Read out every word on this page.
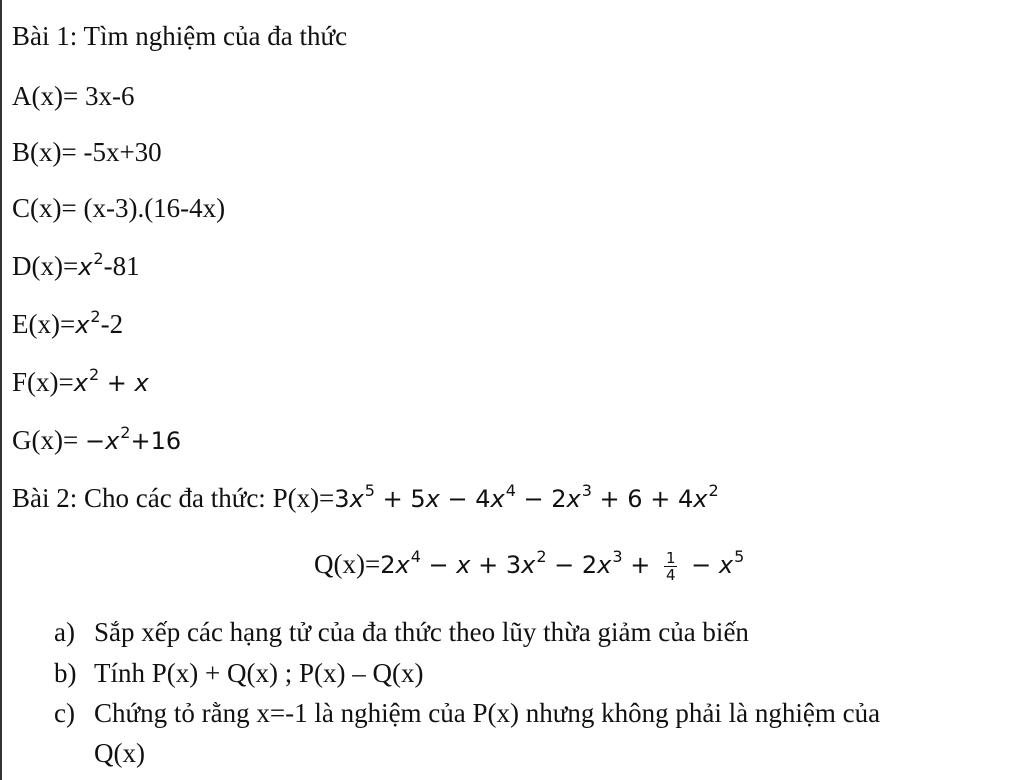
Bài 1: Tìm nghiệm của đa thức
A(x)= 3x-6
B(x)= -5x+30
C(x)= (x-3).(16-4x)
$D(x)=x^2-81$
$E(x)=x^2-2$
$F(x)=x^2 + x$
$G(x)= -x^2+16$
Bài 2: Cho các đa thức: $P(x)=3x^5 + 5x - 4x^4 - 2x^3 + 6 + 4x^2$
$Q(x)=2x^4 - x + 3x^2 - 2x^3 + \frac{1}{4} - x^5$
a) Sắp xếp các hạng tử của đa thức theo lũy thừa giảm của biến
b) Tính P(x) + Q(x) ; P(x) – Q(x)
c) Chứng tỏ rằng x=-1 là nghiệm của P(x) nhưng không phải là nghiệm của
Q(x)
